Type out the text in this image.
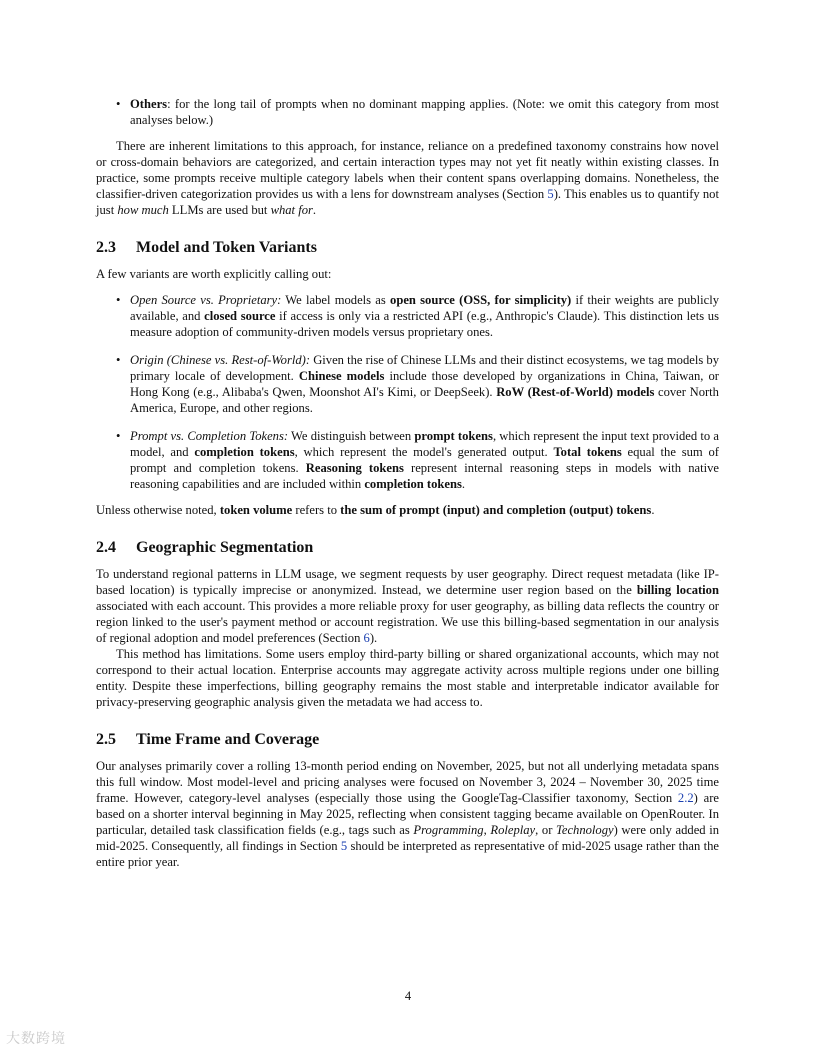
• Others: for the long tail of prompts when no dominant mapping applies. (Note: we omit this category from most analyses below.)

There are inherent limitations to this approach, for instance, reliance on a predefined taxonomy constrains how novel or cross-domain behaviors are categorized, and certain interaction types may not yet fit neatly within existing classes. In practice, some prompts receive multiple category labels when their content spans overlapping domains. Nonetheless, the classifier-driven categorization provides us with a lens for downstream analyses (Section 5). This enables us to quantify not just how much LLMs are used but what for.

2.3 Model and Token Variants

A few variants are worth explicitly calling out:

• Open Source vs. Proprietary: We label models as open source (OSS, for simplicity) if their weights are publicly available, and closed source if access is only via a restricted API (e.g., Anthropic's Claude). This distinction lets us measure adoption of community-driven models versus proprietary ones.
• Origin (Chinese vs. Rest-of-World): Given the rise of Chinese LLMs and their distinct ecosystems, we tag models by primary locale of development. Chinese models include those developed by organizations in China, Taiwan, or Hong Kong (e.g., Alibaba's Qwen, Moonshot AI's Kimi, or DeepSeek). RoW (Rest-of-World) models cover North America, Europe, and other regions.
• Prompt vs. Completion Tokens: We distinguish between prompt tokens, which represent the input text provided to a model, and completion tokens, which represent the model's generated output. Total tokens equal the sum of prompt and completion tokens. Reasoning tokens represent internal reasoning steps in models with native reasoning capabilities and are included within completion tokens.

Unless otherwise noted, token volume refers to the sum of prompt (input) and completion (output) tokens.

2.4 Geographic Segmentation

To understand regional patterns in LLM usage, we segment requests by user geography. Direct request metadata (like IP-based location) is typically imprecise or anonymized. Instead, we determine user region based on the billing location associated with each account. This provides a more reliable proxy for user geography, as billing data reflects the country or region linked to the user's payment method or account registration. We use this billing-based segmentation in our analysis of regional adoption and model preferences (Section 6).

This method has limitations. Some users employ third-party billing or shared organizational accounts, which may not correspond to their actual location. Enterprise accounts may aggregate activity across multiple regions under one billing entity. Despite these imperfections, billing geography remains the most stable and interpretable indicator available for privacy-preserving geographic analysis given the metadata we had access to.

2.5 Time Frame and Coverage

Our analyses primarily cover a rolling 13-month period ending on November, 2025, but not all underlying metadata spans this full window. Most model-level and pricing analyses were focused on November 3, 2024 – November 30, 2025 time frame. However, category-level analyses (especially those using the GoogleTag-Classifier taxonomy, Section 2.2) are based on a shorter interval beginning in May 2025, reflecting when consistent tagging became available on OpenRouter. In particular, detailed task classification fields (e.g., tags such as Programming, Roleplay, or Technology) were only added in mid-2025. Consequently, all findings in Section 5 should be interpreted as representative of mid-2025 usage rather than the entire prior year.

4
大数跨境
